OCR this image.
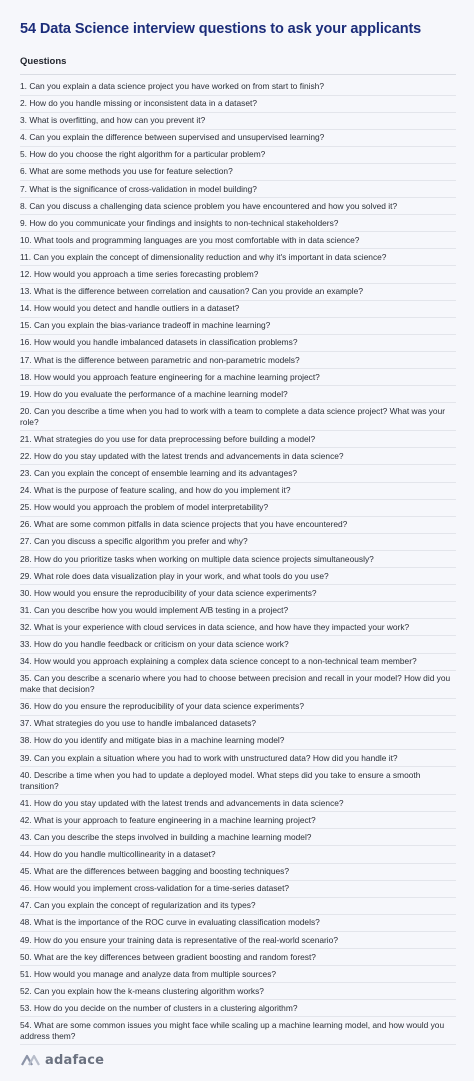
54 Data Science interview questions to ask your applicants
Questions
1. Can you explain a data science project you have worked on from start to finish?
2. How do you handle missing or inconsistent data in a dataset?
3. What is overfitting, and how can you prevent it?
4. Can you explain the difference between supervised and unsupervised learning?
5. How do you choose the right algorithm for a particular problem?
6. What are some methods you use for feature selection?
7. What is the significance of cross-validation in model building?
8. Can you discuss a challenging data science problem you have encountered and how you solved it?
9. How do you communicate your findings and insights to non-technical stakeholders?
10. What tools and programming languages are you most comfortable with in data science?
11. Can you explain the concept of dimensionality reduction and why it's important in data science?
12. How would you approach a time series forecasting problem?
13. What is the difference between correlation and causation? Can you provide an example?
14. How would you detect and handle outliers in a dataset?
15. Can you explain the bias-variance tradeoff in machine learning?
16. How would you handle imbalanced datasets in classification problems?
17. What is the difference between parametric and non-parametric models?
18. How would you approach feature engineering for a machine learning project?
19. How do you evaluate the performance of a machine learning model?
20. Can you describe a time when you had to work with a team to complete a data science project? What was your role?
21. What strategies do you use for data preprocessing before building a model?
22. How do you stay updated with the latest trends and advancements in data science?
23. Can you explain the concept of ensemble learning and its advantages?
24. What is the purpose of feature scaling, and how do you implement it?
25. How would you approach the problem of model interpretability?
26. What are some common pitfalls in data science projects that you have encountered?
27. Can you discuss a specific algorithm you prefer and why?
28. How do you prioritize tasks when working on multiple data science projects simultaneously?
29. What role does data visualization play in your work, and what tools do you use?
30. How would you ensure the reproducibility of your data science experiments?
31. Can you describe how you would implement A/B testing in a project?
32. What is your experience with cloud services in data science, and how have they impacted your work?
33. How do you handle feedback or criticism on your data science work?
34. How would you approach explaining a complex data science concept to a non-technical team member?
35. Can you describe a scenario where you had to choose between precision and recall in your model? How did you make that decision?
36. How do you ensure the reproducibility of your data science experiments?
37. What strategies do you use to handle imbalanced datasets?
38. How do you identify and mitigate bias in a machine learning model?
39. Can you explain a situation where you had to work with unstructured data? How did you handle it?
40. Describe a time when you had to update a deployed model. What steps did you take to ensure a smooth transition?
41. How do you stay updated with the latest trends and advancements in data science?
42. What is your approach to feature engineering in a machine learning project?
43. Can you describe the steps involved in building a machine learning model?
44. How do you handle multicollinearity in a dataset?
45. What are the differences between bagging and boosting techniques?
46. How would you implement cross-validation for a time-series dataset?
47. Can you explain the concept of regularization and its types?
48. What is the importance of the ROC curve in evaluating classification models?
49. How do you ensure your training data is representative of the real-world scenario?
50. What are the key differences between gradient boosting and random forest?
51. How would you manage and analyze data from multiple sources?
52. Can you explain how the k-means clustering algorithm works?
53. How do you decide on the number of clusters in a clustering algorithm?
54. What are some common issues you might face while scaling up a machine learning model, and how would you address them?
adaface
